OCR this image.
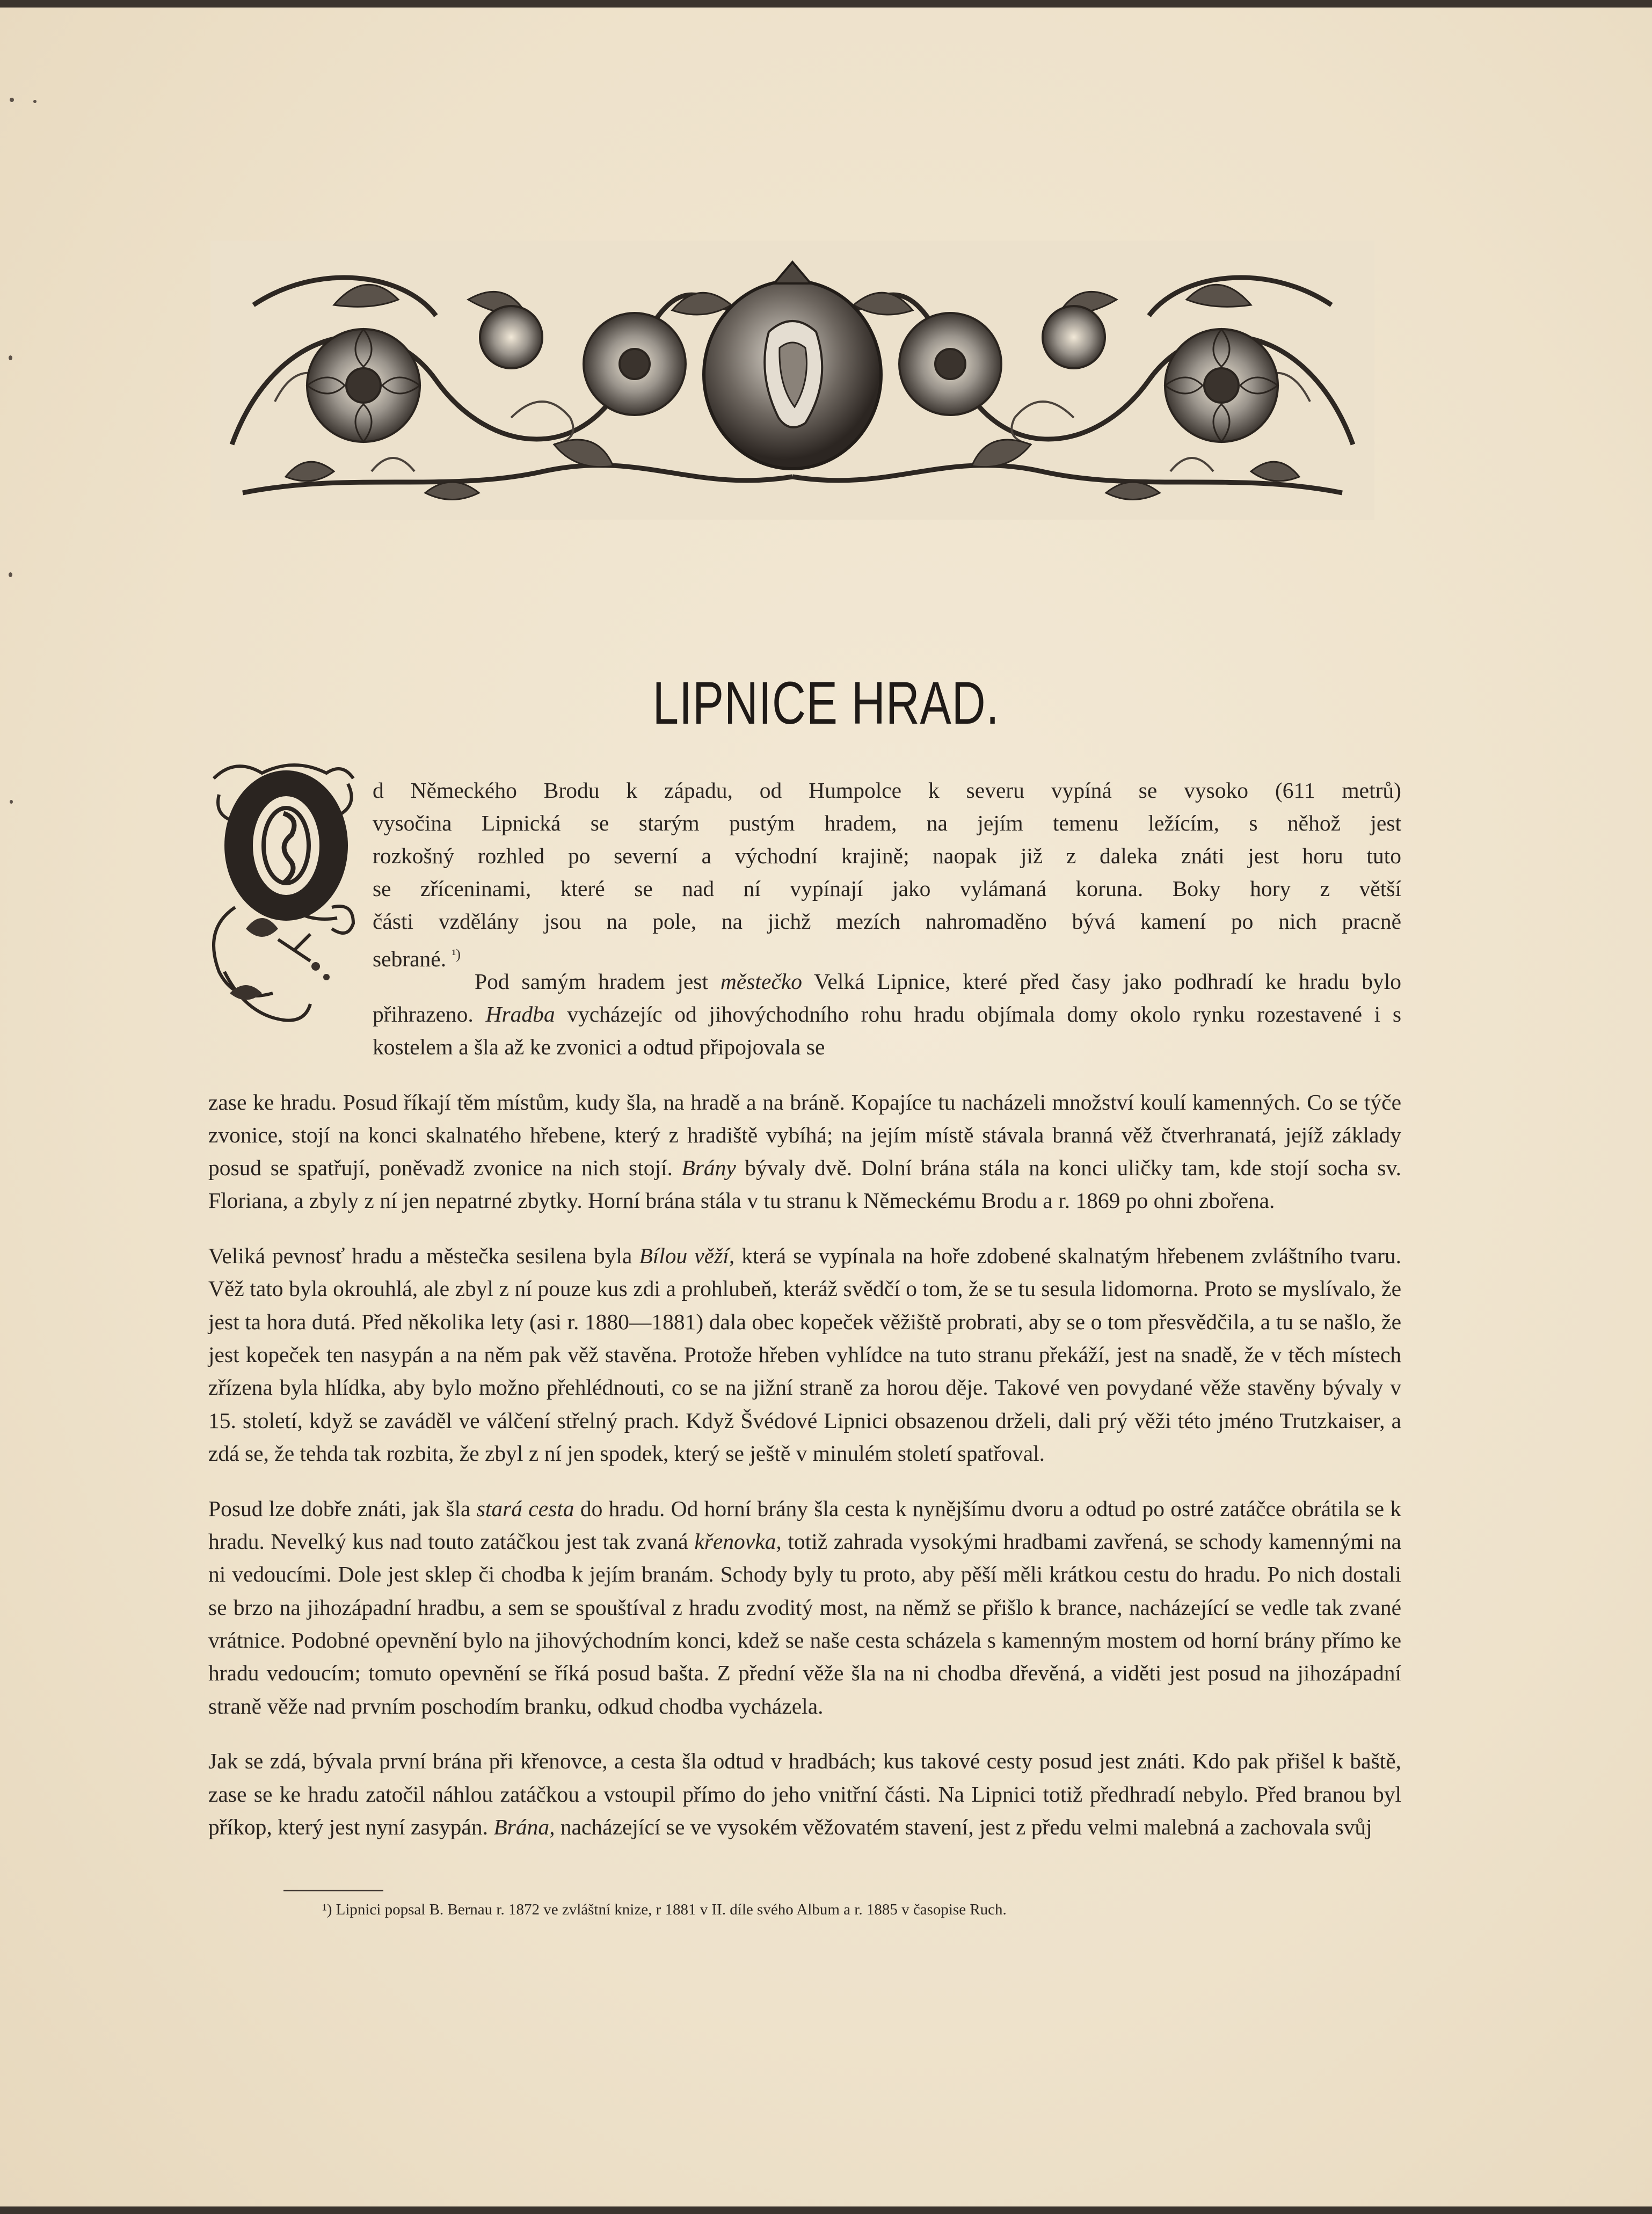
LIPNICE HRAD.
O
d Německého Brodu k západu, od Humpolce k severu vypíná se vysoko (611 metrů)
vysočina Lipnická se starým pustým hradem, na jejím temenu ležícím, s něhož jest
rozkošný rozhled po severní a východní krajině; naopak již z daleka znáti jest horu tuto
se zříceninami, které se nad ní vypínají jako vylámaná koruna. Boky hory z větší
části vzdělány jsou na pole, na jichž mezích nahromaděno bývá kamení po nich pracně
sebrané. $^{^1)}$

Pod samým hradem jest městečko Velká Lipnice, které před časy jako podhradí ke hradu bylo přihrazeno. Hradba vycházejíc od jihovýchodního rohu hradu objímala domy okolo rynku rozestavené i s kostelem a šla až ke zvonici a odtud připojovala se

zase ke hradu. Posud říkají těm místům, kudy šla, na hradě a na bráně. Kopajíce tu nacházeli množství koulí kamenných. Co se týče zvonice, stojí na konci skalnatého hřebene, který z hradiště vybíhá; na jejím místě stávala branná věž čtverhranatá, jejíž základy posud se spatřují, poněvadž zvonice na nich stojí. Brány bývaly dvě. Dolní brána stála na konci uličky tam, kde stojí socha sv. Floriana, a zbyly z ní jen nepatrné zbytky. Horní brána stála v tu stranu k Německému Brodu a r. 1869 po ohni zbořena.

Veliká pevnosť hradu a městečka sesilena byla Bílou věží, která se vypínala na hoře zdobené skalnatým hřebenem zvláštního tvaru. Věž tato byla okrouhlá, ale zbyl z ní pouze kus zdi a prohlubeň, kteráž svědčí o tom, že se tu sesula lidomorna. Proto se myslívalo, že jest ta hora dutá. Před několika lety (asi r. 1880—1881) dala obec kopeček věžiště probrati, aby se o tom přesvědčila, a tu se našlo, že jest kopeček ten nasypán a na něm pak věž stavěna. Protože hřeben vyhlídce na tuto stranu překáží, jest na snadě, že v těch místech zřízena byla hlídka, aby bylo možno přehlédnouti, co se na jižní straně za horou děje. Takové ven povydané věže stavěny bývaly v 15. století, když se zaváděl ve válčení střelný prach. Když Švédové Lipnici obsazenou drželi, dali prý věži této jméno Trutzkaiser, a zdá se, že tehda tak rozbita, že zbyl z ní jen spodek, který se ještě v minulém století spatřoval.

Posud lze dobře znáti, jak šla stará cesta do hradu. Od horní brány šla cesta k nynějšímu dvoru a odtud po ostré zatáčce obrátila se k hradu. Nevelký kus nad touto zatáčkou jest tak zvaná křenovka, totiž zahrada vysokými hradbami zavřená, se schody kamennými na ni vedoucími. Dole jest sklep či chodba k jejím branám. Schody byly tu proto, aby pěší měli krátkou cestu do hradu. Po nich dostali se brzo na jihozápadní hradbu, a sem se spouštíval z hradu zvoditý most, na němž se přišlo k brance, nacházející se vedle tak zvané vrátnice. Podobné opevnění bylo na jihovýchodním konci, kdež se naše cesta scházela s kamenným mostem od horní brány přímo ke hradu vedoucím; tomuto opevnění se říká posud bašta. Z přední věže šla na ni chodba dřevěná, a viděti jest posud na jihozápadní straně věže nad prvním poschodím branku, odkud chodba vycházela.

Jak se zdá, bývala první brána při křenovce, a cesta šla odtud v hradbách; kus takové cesty posud jest znáti. Kdo pak přišel k baště, zase se ke hradu zatočil náhlou zatáčkou a vstoupil přímo do jeho vnitřní části. Na Lipnici totiž předhradí nebylo. Před branou byl příkop, který jest nyní zasypán. Brána, nacházející se ve vysokém věžovatém stavení, jest z předu velmi malebná a zachovala svůj

¹) Lipnici popsal B. Bernau r. 1872 ve zvláštní knize, r 1881 v II. díle svého Album a r. 1885 v časopise Ruch.
